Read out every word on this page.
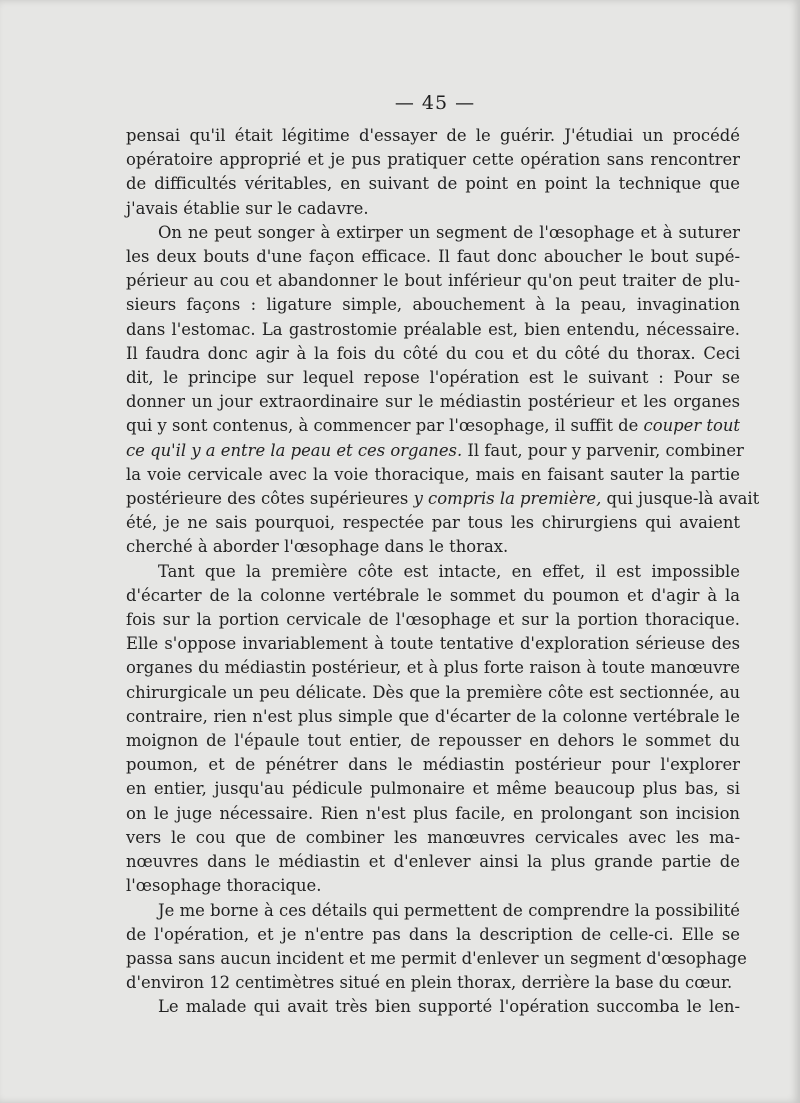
— 45 —

pensai qu'il était légitime d'essayer de le guérir. J'étudiai un procédé
opératoire approprié et je pus pratiquer cette opération sans rencontrer
de difficultés véritables, en suivant de point en point la technique que
j'avais établie sur le cadavre.

On ne peut songer à extirper un segment de l'œsophage et à suturer
les deux bouts d'une façon efficace. Il faut donc aboucher le bout supé-
périeur au cou et abandonner le bout inférieur qu'on peut traiter de plu-
sieurs façons : ligature simple, abouchement à la peau, invagination
dans l'estomac. La gastrostomie préalable est, bien entendu, nécessaire.
Il faudra donc agir à la fois du côté du cou et du côté du thorax. Ceci
dit, le principe sur lequel repose l'opération est le suivant : Pour se
donner un jour extraordinaire sur le médiastin postérieur et les organes
qui y sont contenus, à commencer par l'œsophage, il suffit de couper tout
ce qu'il y a entre la peau et ces organes. Il faut, pour y parvenir, combiner
la voie cervicale avec la voie thoracique, mais en faisant sauter la partie
postérieure des côtes supérieures y compris la première, qui jusque-là avait
été, je ne sais pourquoi, respectée par tous les chirurgiens qui avaient
cherché à aborder l'œsophage dans le thorax.

Tant que la première côte est intacte, en effet, il est impossible
d'écarter de la colonne vertébrale le sommet du poumon et d'agir à la
fois sur la portion cervicale de l'œsophage et sur la portion thoracique.
Elle s'oppose invariablement à toute tentative d'exploration sérieuse des
organes du médiastin postérieur, et à plus forte raison à toute manœuvre
chirurgicale un peu délicate. Dès que la première côte est sectionnée, au
contraire, rien n'est plus simple que d'écarter de la colonne vertébrale le
moignon de l'épaule tout entier, de repousser en dehors le sommet du
poumon, et de pénétrer dans le médiastin postérieur pour l'explorer
en entier, jusqu'au pédicule pulmonaire et même beaucoup plus bas, si
on le juge nécessaire. Rien n'est plus facile, en prolongant son incision
vers le cou que de combiner les manœuvres cervicales avec les ma-
nœuvres dans le médiastin et d'enlever ainsi la plus grande partie de
l'œsophage thoracique.

Je me borne à ces détails qui permettent de comprendre la possibilité
de l'opération, et je n'entre pas dans la description de celle-ci. Elle se
passa sans aucun incident et me permit d'enlever un segment d'œsophage
d'environ 12 centimètres situé en plein thorax, derrière la base du cœur.

Le malade qui avait très bien supporté l'opération succomba le len-
